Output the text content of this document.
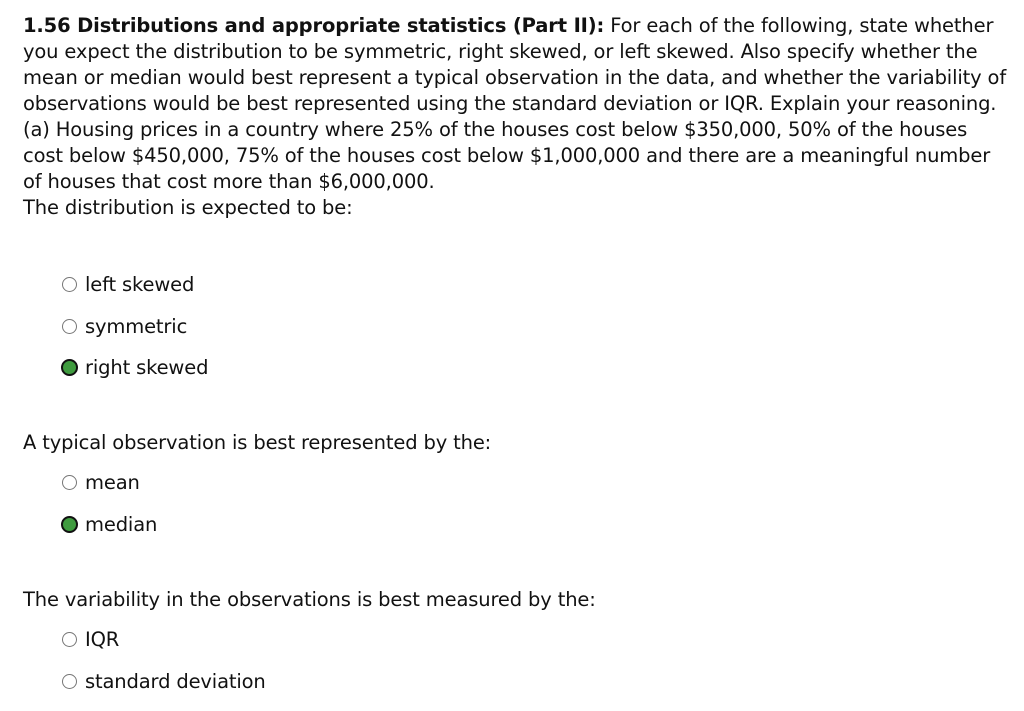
1.56 Distributions and appropriate statistics (Part II): For each of the following, state whether you expect the distribution to be symmetric, right skewed, or left skewed. Also specify whether the mean or median would best represent a typical observation in the data, and whether the variability of observations would be best represented using the standard deviation or IQR. Explain your reasoning.

(a) Housing prices in a country where 25% of the houses cost below $350,000, 50% of the houses cost below $450,000, 75% of the houses cost below $1,000,000 and there are a meaningful number of houses that cost more than $6,000,000.

The distribution is expected to be:

left skewed
symmetric
right skewed
A typical observation is best represented by the:
mean
median
The variability in the observations is best measured by the:
IQR
standard deviation
